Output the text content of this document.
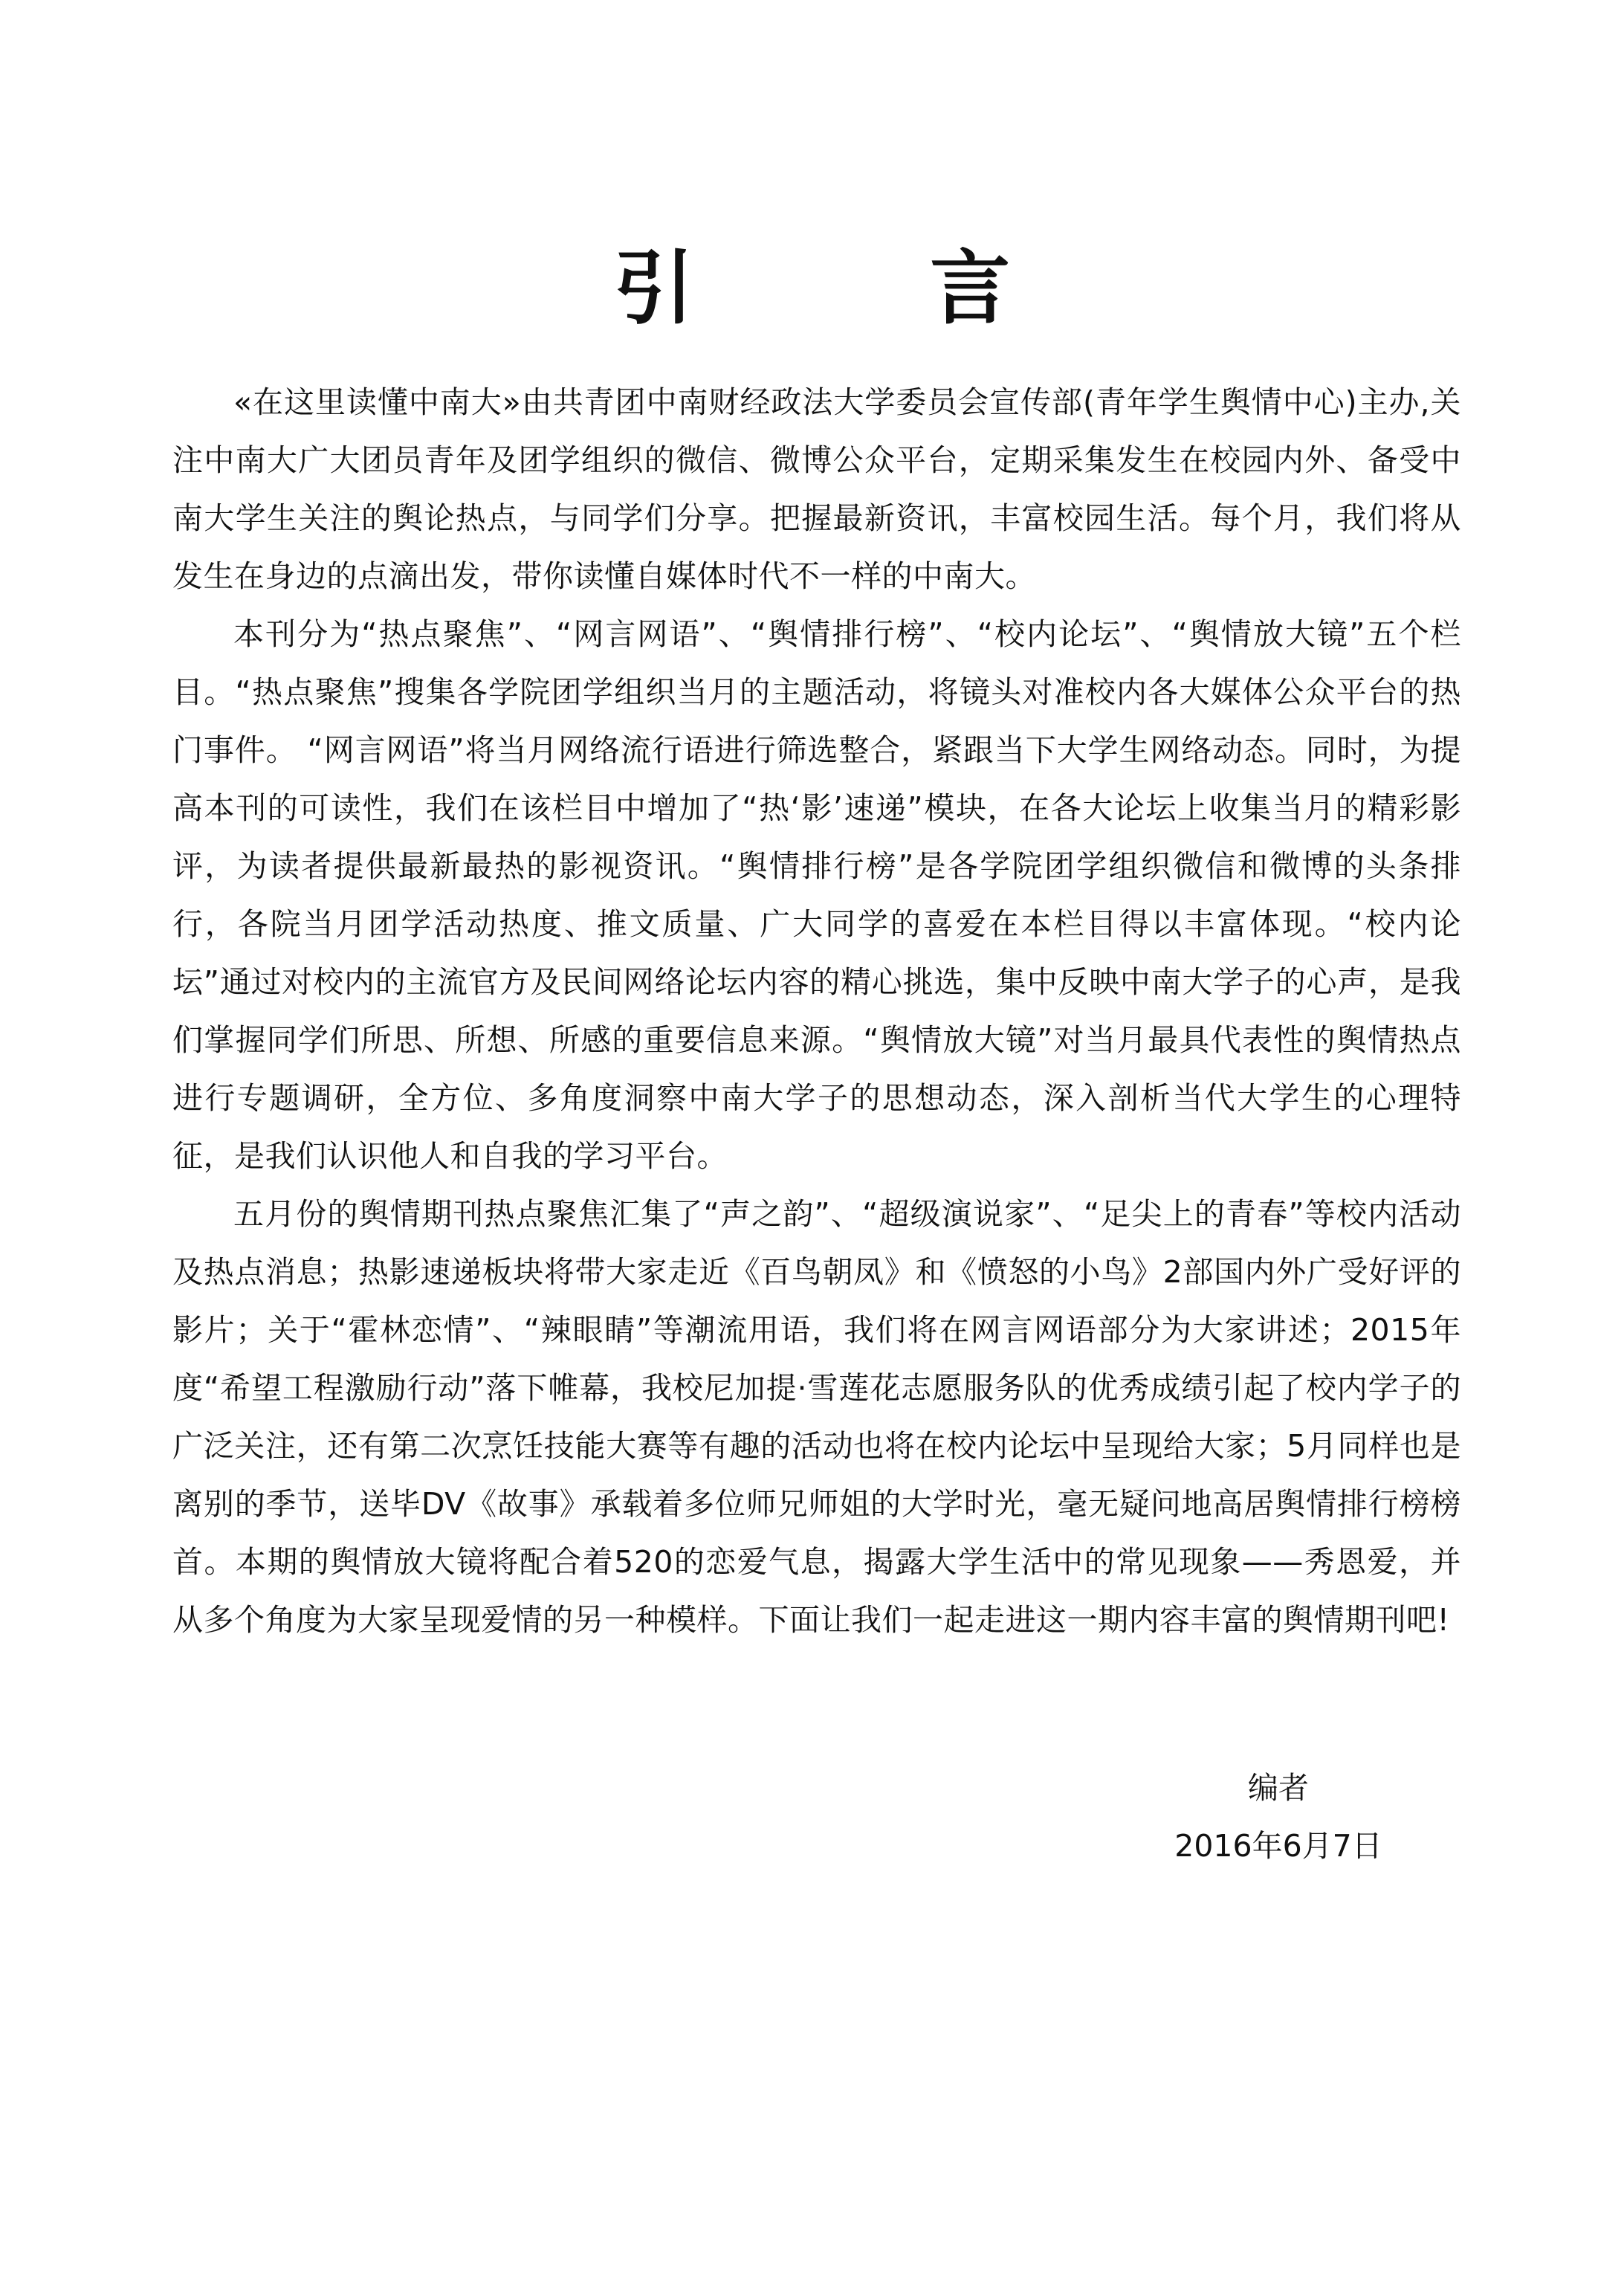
引 言

«在这里读懂中南大»由共青团中南财经政法大学委员会宣传部(青年学生舆情中心)主办,关注中南大广大团员青年及团学组织的微信、微博公众平台，定期采集发生在校园内外、备受中南大学生关注的舆论热点，与同学们分享。把握最新资讯，丰富校园生活。每个月，我们将从发生在身边的点滴出发，带你读懂自媒体时代不一样的中南大。

本刊分为“热点聚焦”、“网言网语”、“舆情排行榜”、“校内论坛”、“舆情放大镜”五个栏目。“热点聚焦”搜集各学院团学组织当月的主题活动，将镜头对准校内各大媒体公众平台的热门事件。 “网言网语”将当月网络流行语进行筛选整合，紧跟当下大学生网络动态。同时，为提高本刊的可读性，我们在该栏目中增加了“热‘影’速递”模块，在各大论坛上收集当月的精彩影评，为读者提供最新最热的影视资讯。“舆情排行榜”是各学院团学组织微信和微博的头条排行，各院当月团学活动热度、推文质量、广大同学的喜爱在本栏目得以丰富体现。“校内论坛”通过对校内的主流官方及民间网络论坛内容的精心挑选，集中反映中南大学子的心声，是我们掌握同学们所思、所想、所感的重要信息来源。“舆情放大镜”对当月最具代表性的舆情热点进行专题调研，全方位、多角度洞察中南大学子的思想动态，深入剖析当代大学生的心理特征，是我们认识他人和自我的学习平台。

五月份的舆情期刊热点聚焦汇集了“声之韵”、“超级演说家”、“足尖上的青春”等校内活动及热点消息；热影速递板块将带大家走近《百鸟朝凤》和《愤怒的小鸟》2部国内外广受好评的影片；关于“霍林恋情”、“辣眼睛”等潮流用语，我们将在网言网语部分为大家讲述；2015年度“希望工程激励行动”落下帷幕，我校尼加提·雪莲花志愿服务队的优秀成绩引起了校内学子的广泛关注，还有第二次烹饪技能大赛等有趣的活动也将在校内论坛中呈现给大家；5月同样也是离别的季节，送毕DV《故事》承载着多位师兄师姐的大学时光，毫无疑问地高居舆情排行榜榜首。本期的舆情放大镜将配合着520的恋爱气息，揭露大学生活中的常见现象——秀恩爱，并从多个角度为大家呈现爱情的另一种模样。下面让我们一起走进这一期内容丰富的舆情期刊吧!

编者
2016年6月7日
